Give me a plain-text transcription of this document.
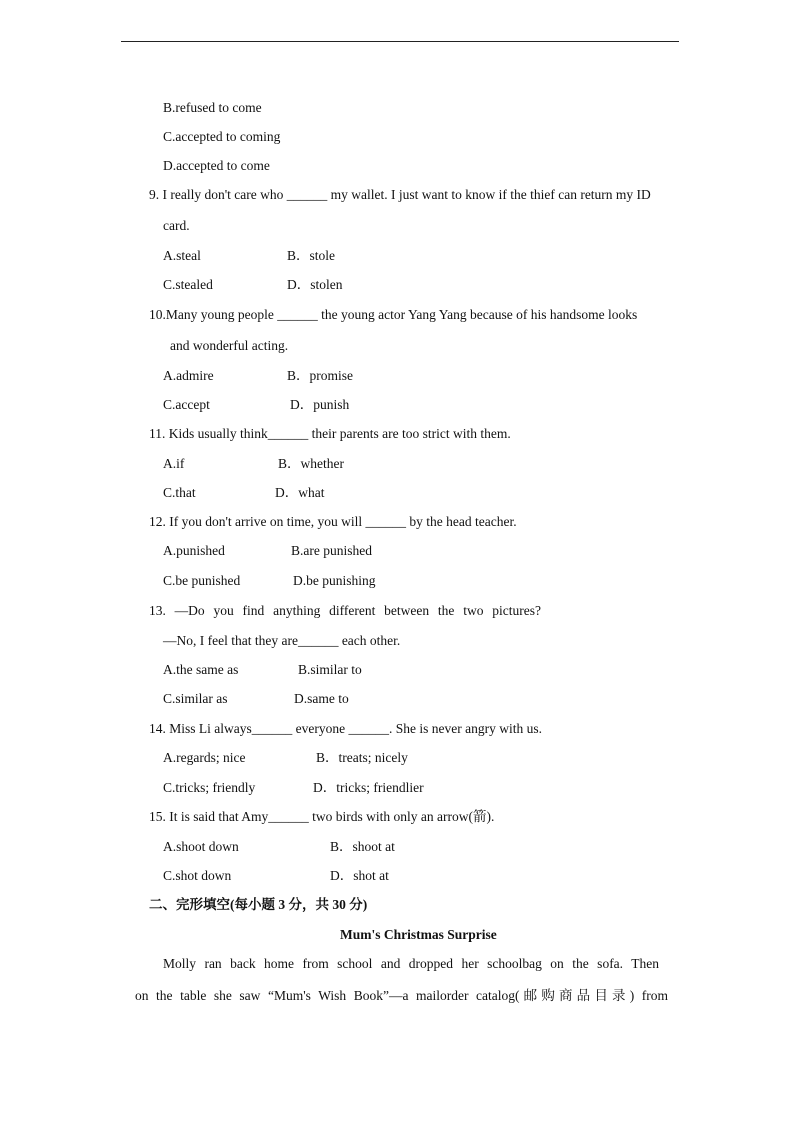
B.refused to come
C.accepted to coming
D.accepted to come
9. I really don't care who ______ my wallet. I just want to know if the thief can return my ID
card.
A.steal	B．stole
C.stealed	D．stolen
10.Many young people ______ the young actor Yang Yang because of his handsome looks
and wonderful acting.
A.admire	B．promise
C.accept	D．punish
11. Kids usually think______ their parents are too strict with them.
A.if	B．whether
C.that	D．what
12. If you don't arrive on time, you will ______ by the head teacher.
A.punished	B.are punished
C.be punished	D.be punishing
13. —Do you find anything different between the two pictures?
—No, I feel that they are______ each other.
A.the same as	B.similar to
C.similar as	D.same to
14. Miss Li always______ everyone ______. She is never angry with us.
A.regards; nice	B．treats; nicely
C.tricks; friendly	D．tricks; friendlier
15. It is said that Amy______ two birds with only an arrow(箭).
A.shoot down	B．shoot at
C.shot down	D．shot at
二、完形填空(每小题 3 分，共 30 分)
Mum's Christmas Surprise
Molly ran back home from school and dropped her schoolbag on the sofa. Then
on the table she saw “Mum's Wish Book”—a mailorder catalog(邮购商品目录) from
